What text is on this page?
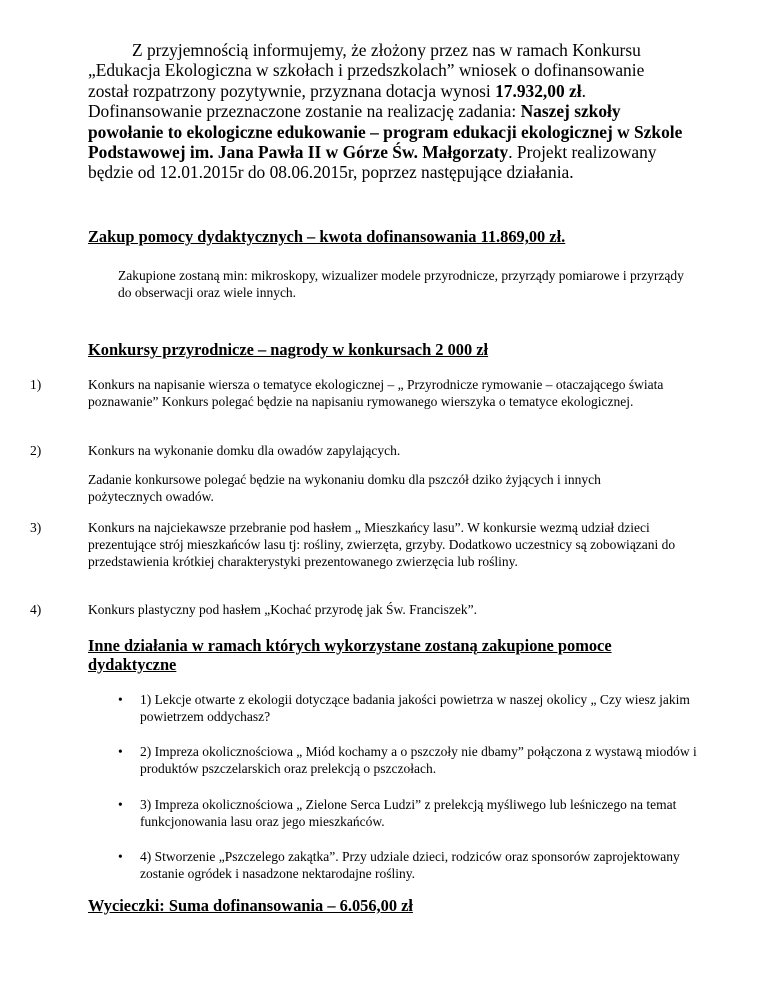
Z przyjemnością informujemy, że złożony przez nas w ramach Konkursu „Edukacja Ekologiczna w szkołach i przedszkolach” wniosek o dofinansowanie został rozpatrzony pozytywnie, przyznana dotacja wynosi 17.932,00 zł. Dofinansowanie przeznaczone zostanie na realizację zadania: Naszej szkoły powołanie to ekologiczne edukowanie – program edukacji ekologicznej w Szkole Podstawowej im. Jana Pawła II w Górze Św. Małgorzaty. Projekt realizowany będzie od 12.01.2015r do 08.06.2015r, poprzez następujące działania.

Zakup pomocy dydaktycznych – kwota dofinansowania 11.869,00 zł.

Zakupione zostaną min: mikroskopy, wizualizer modele przyrodnicze, przyrządy pomiarowe i przyrządy do obserwacji oraz wiele innych.

Konkursy przyrodnicze – nagrody w konkursach 2 000 zł
1)	Konkurs na napisanie wiersza o tematyce ekologicznej – „ Przyrodnicze rymowanie – otaczającego świata poznawanie” Konkurs polegać będzie na napisaniu rymowanego wierszyka o tematyce ekologicznej.

2)	Konkurs na wykonanie domku dla owadów zapylających.

Zadanie konkursowe polegać będzie na wykonaniu domku dla pszczół dziko żyjących i innych pożytecznych owadów.

3)	Konkurs na najciekawsze przebranie pod hasłem „ Mieszkańcy lasu”. W konkursie wezmą udział dzieci prezentujące strój mieszkańców lasu tj: rośliny, zwierzęta, grzyby. Dodatkowo uczestnicy są zobowiązani do przedstawienia krótkiej charakterystyki prezentowanego zwierzęcia lub rośliny.

4)	Konkurs plastyczny pod hasłem „Kochać przyrodę jak Św. Franciszek”.

Inne działania w ramach których wykorzystane zostaną zakupione pomoce dydaktyczne
• 1) Lekcje otwarte z ekologii dotyczące badania jakości powietrza w naszej okolicy „ Czy wiesz jakim powietrzem oddychasz?

• 2) Impreza okolicznościowa „ Miód kochamy a o pszczoły nie dbamy” połączona z wystawą miodów i produktów pszczelarskich oraz prelekcją o pszczołach.

• 3) Impreza okolicznościowa „ Zielone Serca Ludzi” z prelekcją myśliwego lub leśniczego na temat funkcjonowania lasu oraz jego mieszkańców.

• 4) Stworzenie „Pszczelego zakątka”. Przy udziale dzieci, rodziców oraz sponsorów zaprojektowany zostanie ogródek i nasadzone nektarodajne rośliny.

Wycieczki: Suma dofinansowania – 6.056,00 zł
